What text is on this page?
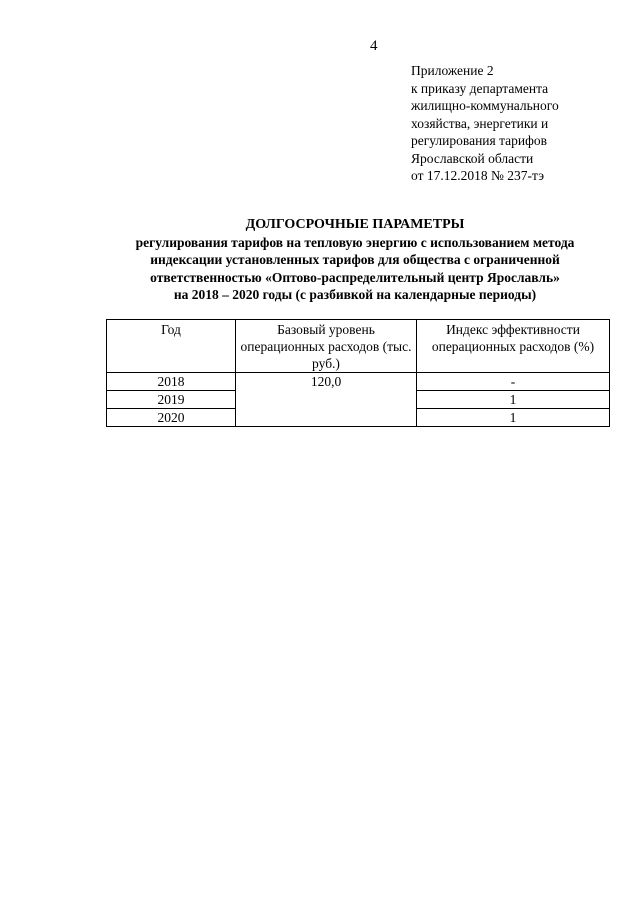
4
Приложение 2
к приказу департамента
жилищно-коммунального
хозяйства, энергетики и
регулирования тарифов
Ярославской области
от 17.12.2018 № 237-тэ
ДОЛГОСРОЧНЫЕ ПАРАМЕТРЫ
регулирования тарифов на тепловую энергию с использованием метода
индексации установленных тарифов для общества с ограниченной
ответственностью «Оптово-распределительный центр Ярославль»
на 2018 – 2020 годы (с разбивкой на календарные периоды)
Год	Базовый уровень операционных расходов (тыс. руб.)	Индекс эффективности операционных расходов (%)
2018	120,0	-
2019		1
2020		1
